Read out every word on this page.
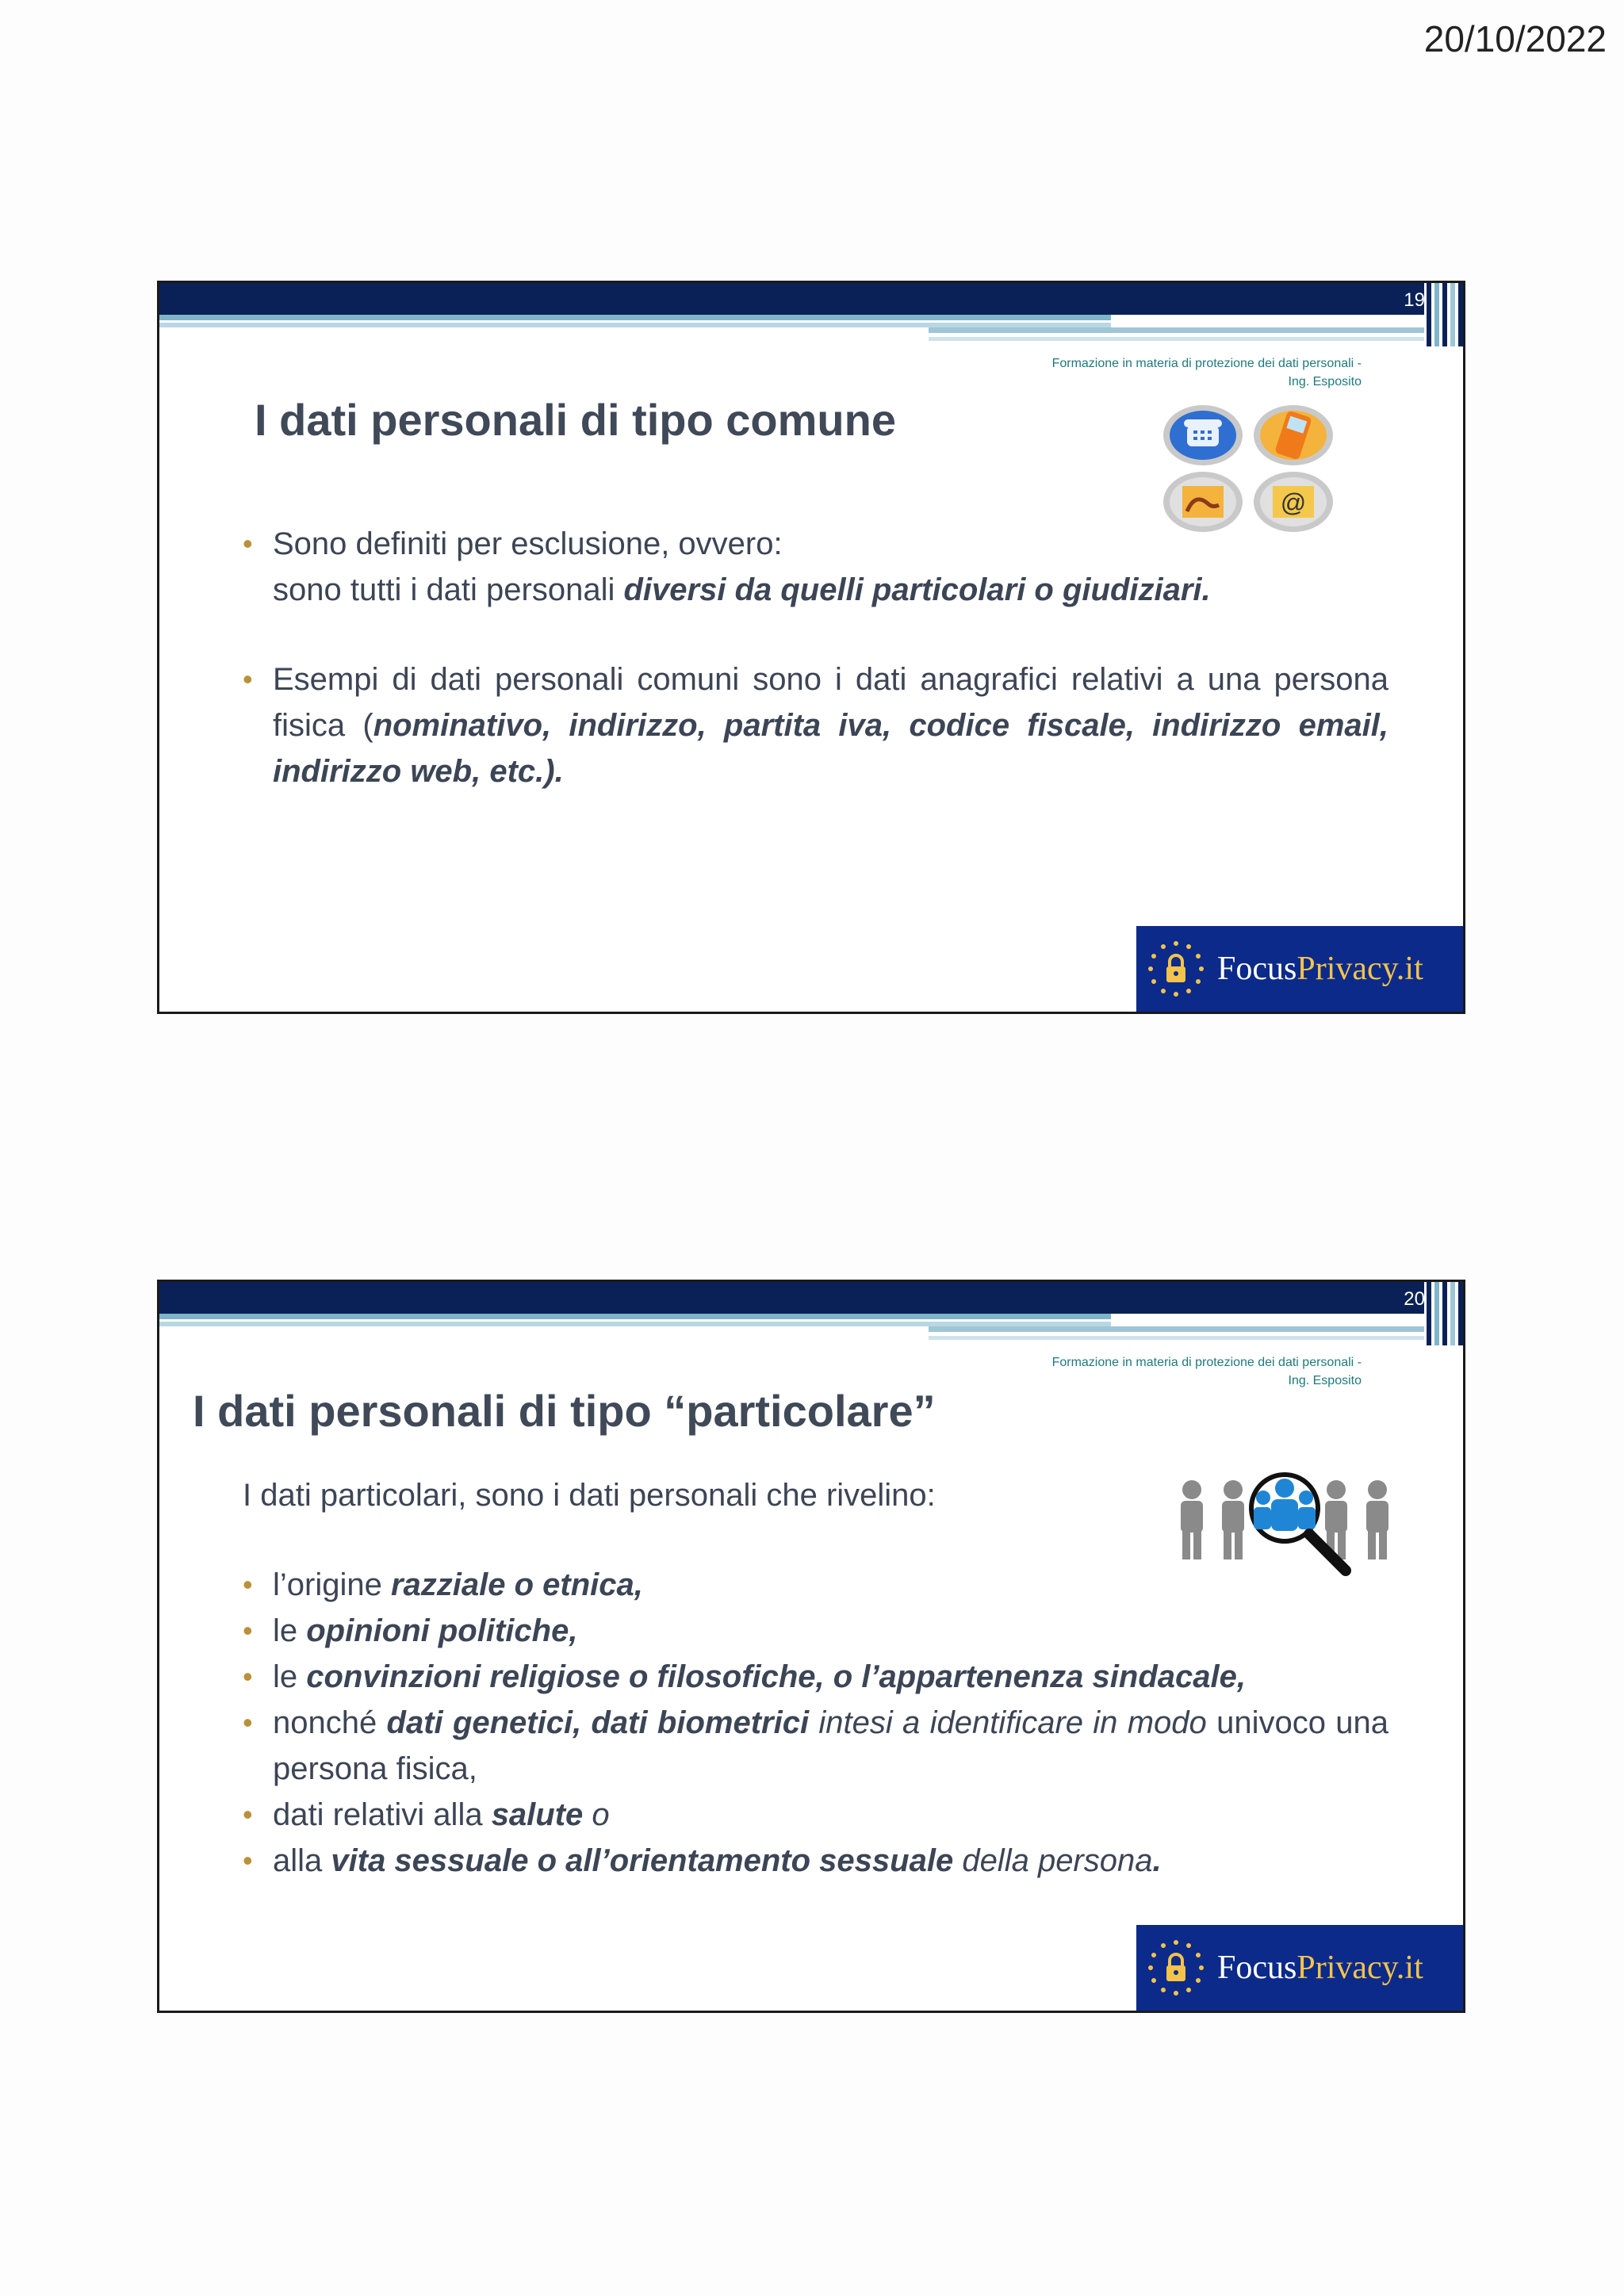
20/10/2022
19
Formazione in materia di protezione dei dati personali - Ing. Esposito
I dati personali di tipo comune
@
• Sono definiti per esclusione, ovvero:
sono tutti i dati personali diversi da quelli particolari o giudiziari.
• Esempi di dati personali comuni sono i dati anagrafici relativi a una persona fisica (nominativo, indirizzo, partita iva, codice fiscale, indirizzo email, indirizzo web, etc.).
FocusPrivacy.it
20
Formazione in materia di protezione dei dati personali - Ing. Esposito
I dati personali di tipo “particolare”
I dati particolari, sono i dati personali che rivelino:
• l’origine razziale o etnica,
• le opinioni politiche,
• le convinzioni religiose o filosofiche, o l’appartenenza sindacale,
• nonché dati genetici, dati biometrici intesi a identificare in modo univoco una persona fisica,
• dati relativi alla salute o
• alla vita sessuale o all’orientamento sessuale della persona.
FocusPrivacy.it
